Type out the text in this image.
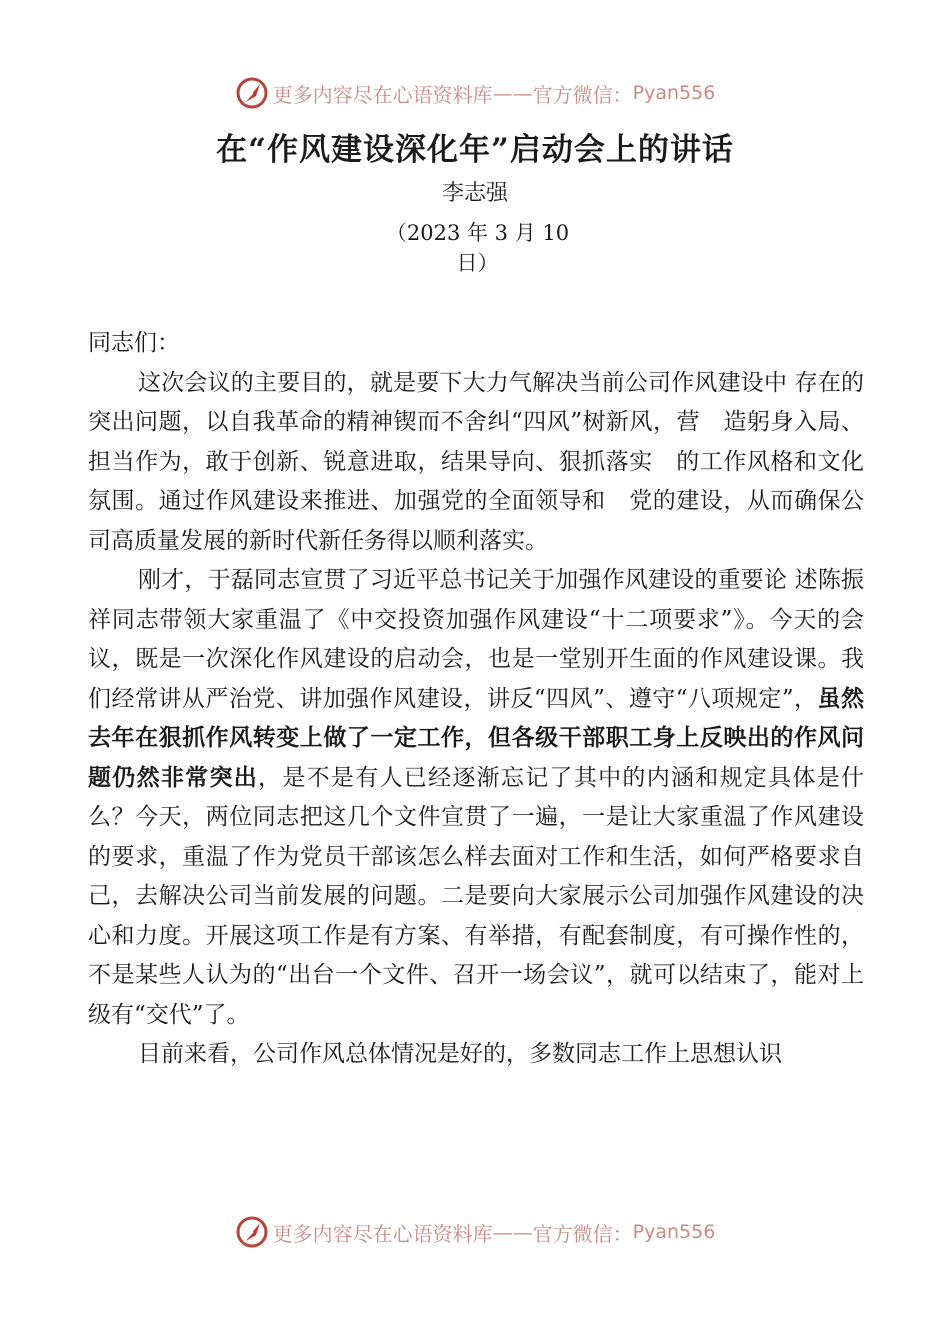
更多内容尽在心语资料库 —— 官方微信： Pyan556
在“作风建设深化年”启动会上的讲话
李志强
（2023 年 3 月 10
日）

同志们：

这次会议的主要目的，就是要下大力气解决当前公司作风建设中 存在的突出问题，以自我革命的精神锲而不舍纠“四风”树新风，营　造躬身入局、担当作为，敢于创新、锐意进取，结果导向、狠抓落实　的工作风格和文化氛围。通过作风建设来推进、加强党的全面领导和　党的建设，从而确保公司高质量发展的新时代新任务得以顺利落实。

刚才，于磊同志宣贯了习近平总书记关于加强作风建设的重要论 述陈振祥同志带领大家重温了《中交投资加强作风建设“十二项要求”》。今天的会议，既是一次深化作风建设的启动会，也是一堂别开生面的作风建设课。我们经常讲从严治党、讲加强作风建设，讲反“四风”、遵守“八项规定”，虽然去年在狠抓作风转变上做了一定工作，但各级干部职工身上反映出的作风问题仍然非常突出，是不是有人已经逐渐忘记了其中的内涵和规定具体是什么？今天，两位同志把这几个文件宣贯了一遍，一是让大家重温了作风建设的要求，重温了作为党员干部该怎么样去面对工作和生活，如何严格要求自己，去解决公司当前发展的问题。二是要向大家展示公司加强作风建设的决心和力度。开展这项工作是有方案、有举措，有配套制度，有可操作性的，不是某些人认为的“出台一个文件、召开一场会议”，就可以结束了，能对上级有“交代”了。

目前来看，公司作风总体情况是好的，多数同志工作上思想认识

更多内容尽在心语资料库 —— 官方微信： Pyan556
